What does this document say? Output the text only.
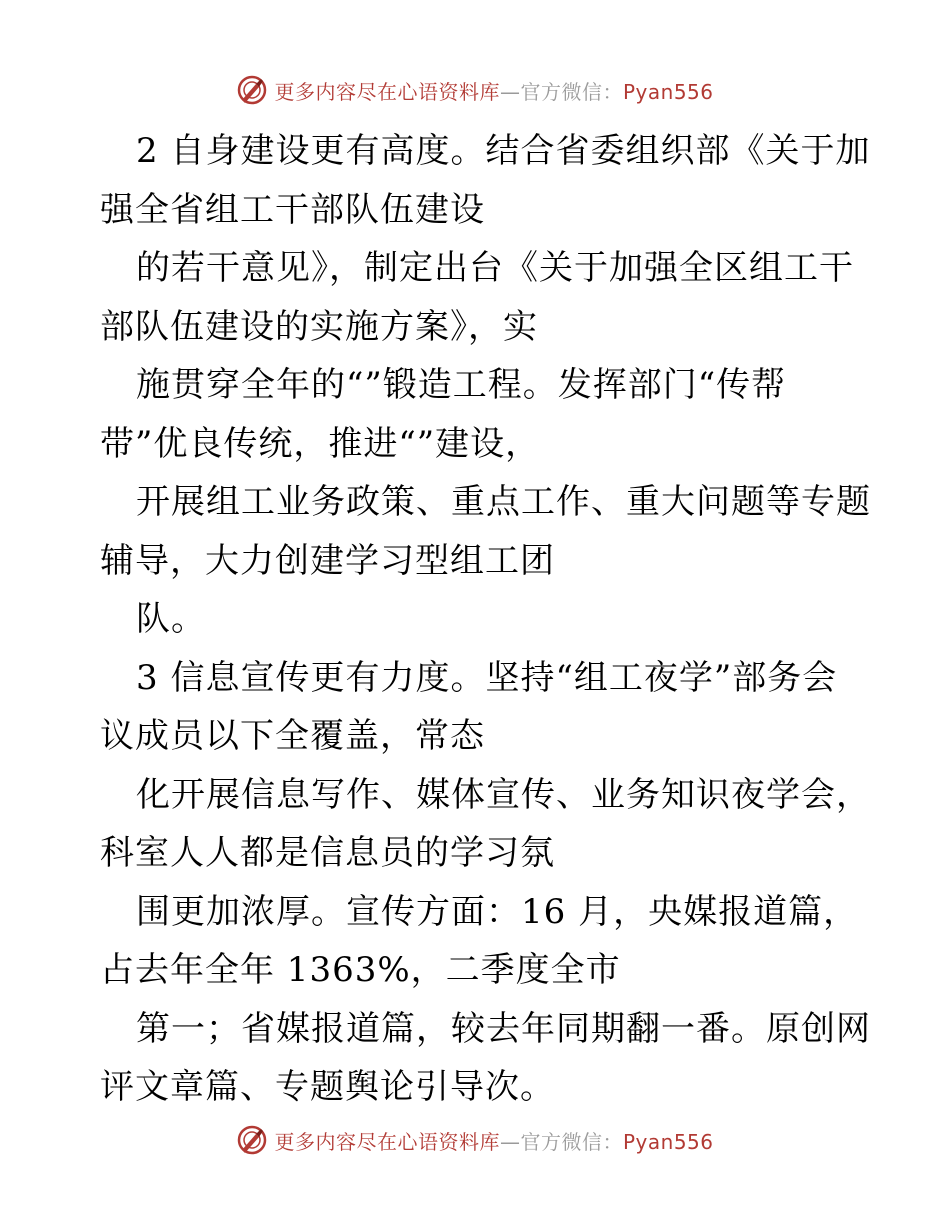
更多内容尽在心语资料库—官方微信：Pyan556
2 自身建设更有高度。结合省委组织部《关于加
强全省组工干部队伍建设
的若干意见》，制定出台《关于加强全区组工干
部队伍建设的实施方案》，实
施贯穿全年的“”锻造工程。发挥部门“传帮
带”优良传统，推进“”建设，
开展组工业务政策、重点工作、重大问题等专题
辅导，大力创建学习型组工团
队。
3 信息宣传更有力度。坚持“组工夜学”部务会
议成员以下全覆盖，常态
化开展信息写作、媒体宣传、业务知识夜学会，
科室人人都是信息员的学习氛
围更加浓厚。宣传方面：16 月，央媒报道篇，
占去年全年 1363%，二季度全市
第一；省媒报道篇，较去年同期翻一番。原创网
评文章篇、专题舆论引导次。
更多内容尽在心语资料库—官方微信：Pyan556
